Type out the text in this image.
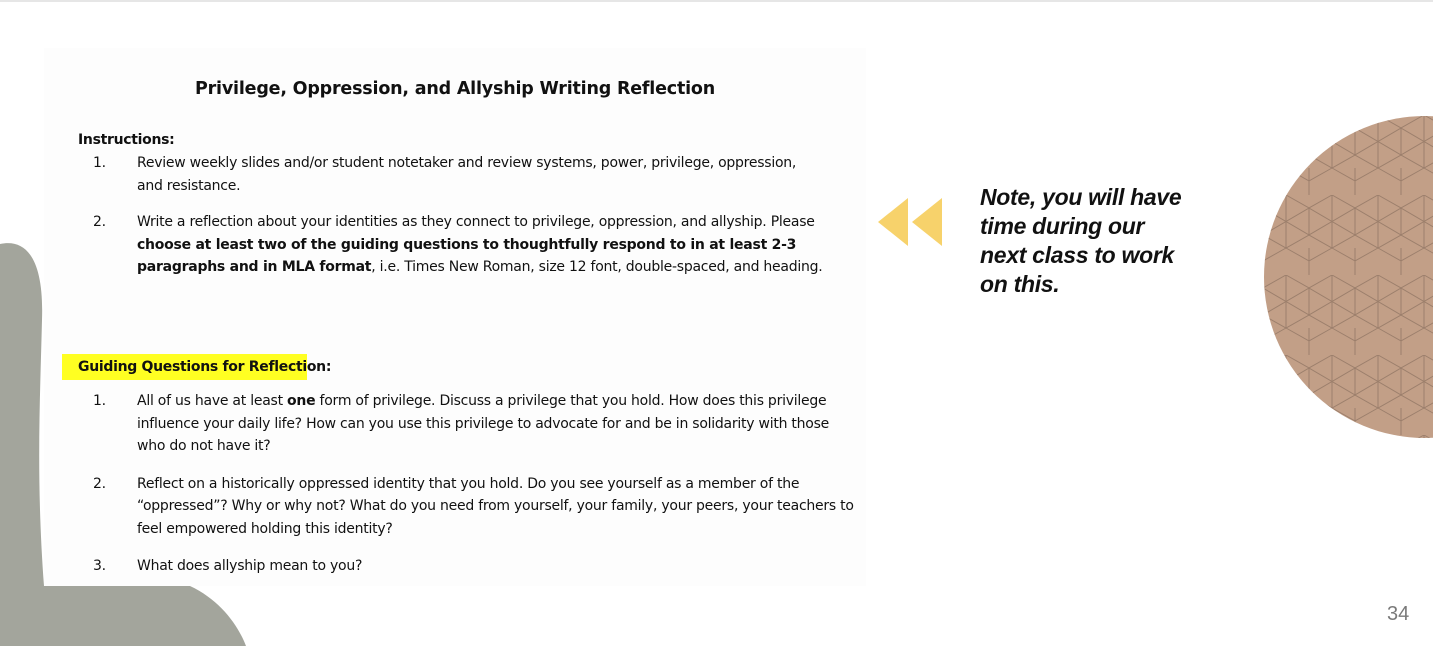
Privilege, Oppression, and Allyship Writing Reflection
Instructions:
1. Review weekly slides and/or student notetaker and review systems, power, privilege, oppression, and resistance.
2. Write a reflection about your identities as they connect to privilege, oppression, and allyship. Please choose at least two of the guiding questions to thoughtfully respond to in at least 2-3 paragraphs and in MLA format, i.e. Times New Roman, size 12 font, double-spaced, and heading.
Guiding Questions for Reflection:
1. All of us have at least one form of privilege. Discuss a privilege that you hold. How does this privilege influence your daily life? How can you use this privilege to advocate for and be in solidarity with those who do not have it?
2. Reflect on a historically oppressed identity that you hold. Do you see yourself as a member of the “oppressed”? Why or why not? What do you need from yourself, your family, your peers, your teachers to feel empowered holding this identity?
3. What does allyship mean to you?
Note, you will have
time during our
next class to work
on this.
34
